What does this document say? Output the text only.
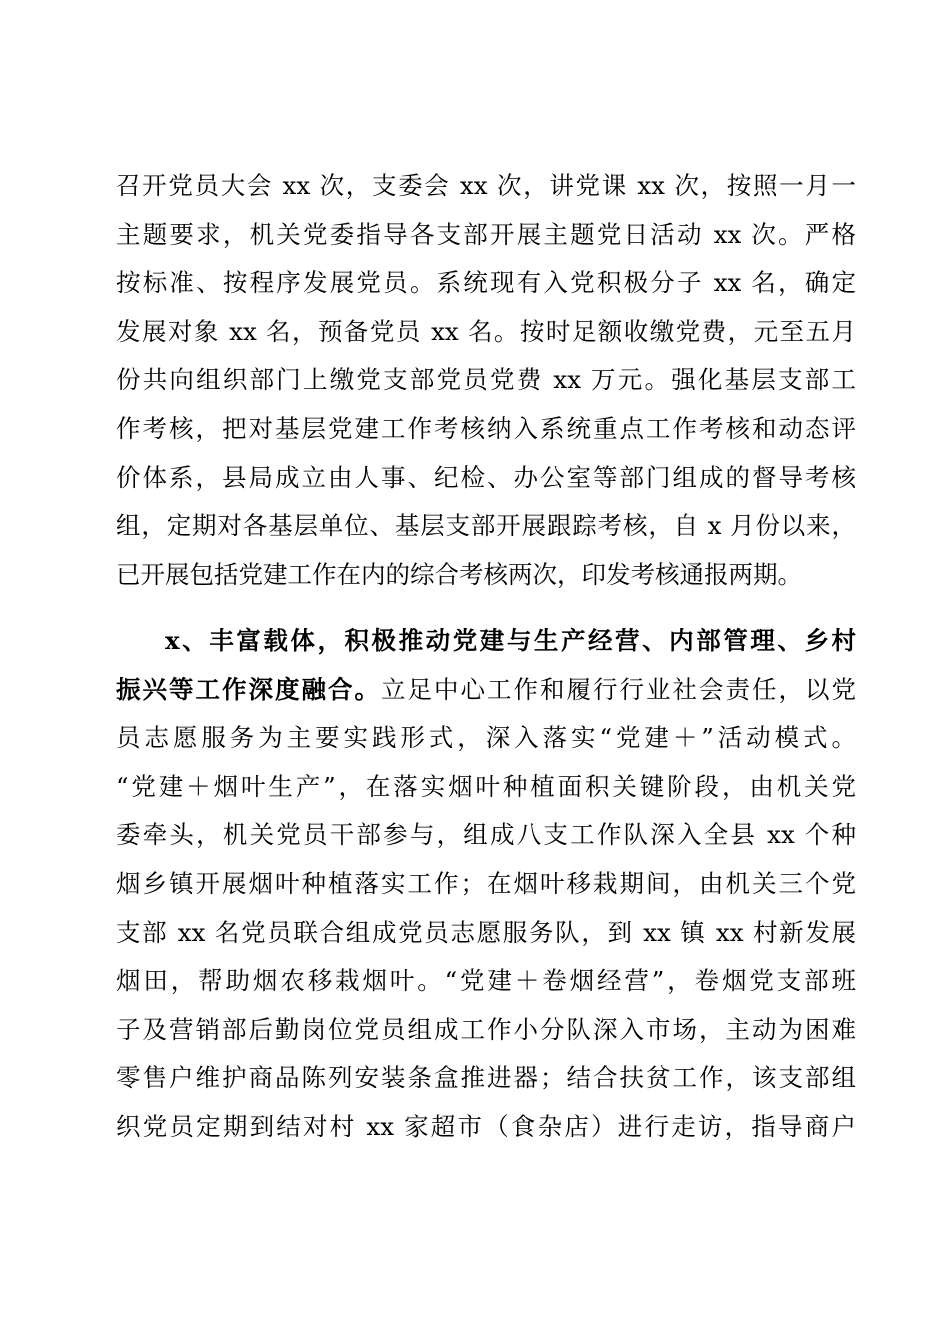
召开党员大会 xx 次，支委会 xx 次，讲党课 xx 次，按照一月一
主题要求，机关党委指导各支部开展主题党日活动 xx 次。严格
按标准、按程序发展党员。系统现有入党积极分子 xx 名，确定
发展对象 xx 名，预备党员 xx 名。按时足额收缴党费，元至五月
份共向组织部门上缴党支部党员党费 xx 万元。强化基层支部工
作考核，把对基层党建工作考核纳入系统重点工作考核和动态评
价体系，县局成立由人事、纪检、办公室等部门组成的督导考核
组，定期对各基层单位、基层支部开展跟踪考核，自 x 月份以来，
已开展包括党建工作在内的综合考核两次，印发考核通报两期。
x、丰富载体，积极推动党建与生产经营、内部管理、乡村
振兴等工作深度融合。立足中心工作和履行行业社会责任，以党
员志愿服务为主要实践形式，深入落实“党建＋”活动模式。
“党建＋烟叶生产”，在落实烟叶种植面积关键阶段，由机关党
委牵头，机关党员干部参与，组成八支工作队深入全县 xx 个种
烟乡镇开展烟叶种植落实工作；在烟叶移栽期间，由机关三个党
支部 xx 名党员联合组成党员志愿服务队，到 xx 镇 xx 村新发展
烟田，帮助烟农移栽烟叶。“党建＋卷烟经营”，卷烟党支部班
子及营销部后勤岗位党员组成工作小分队深入市场，主动为困难
零售户维护商品陈列安装条盒推进器；结合扶贫工作，该支部组
织党员定期到结对村 xx 家超市（食杂店）进行走访，指导商户
